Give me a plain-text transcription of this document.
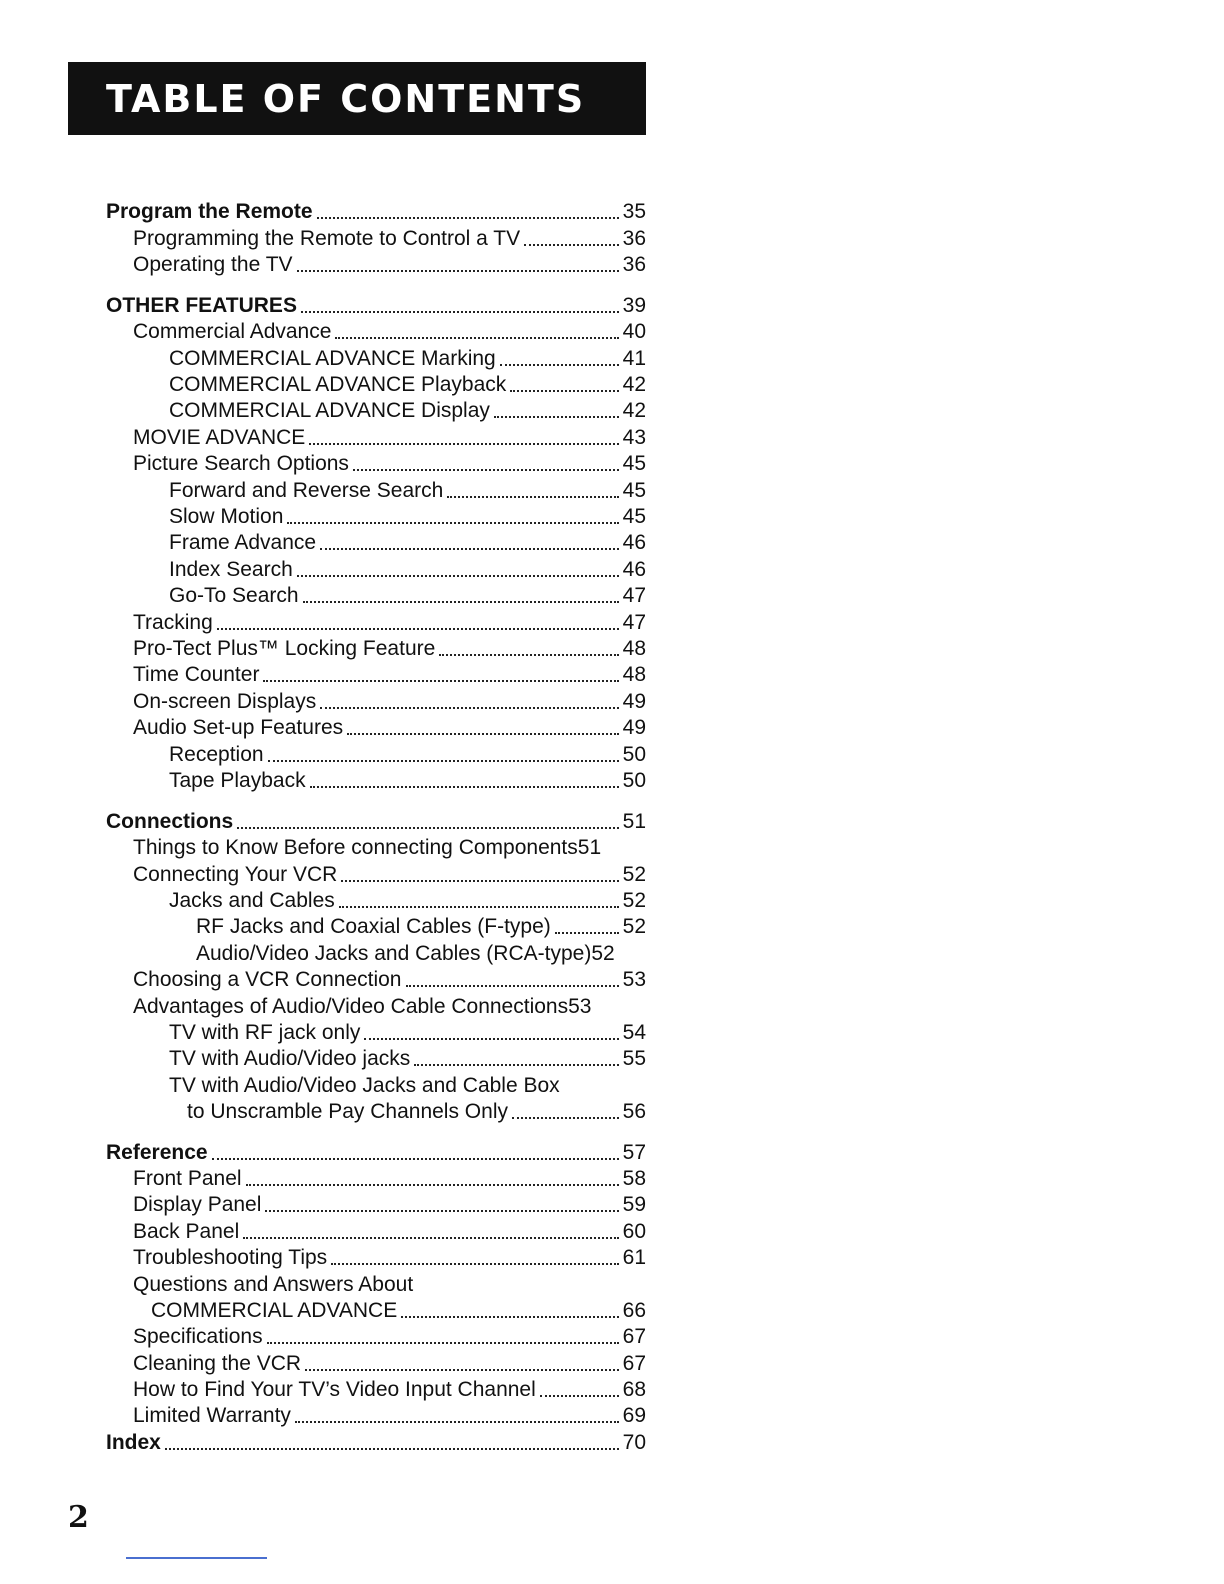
TABLE OF CONTENTS
Program the Remote	35
Programming the Remote to Control a TV	36
Operating the TV	36
OTHER FEATURES	39
Commercial Advance	40
COMMERCIAL ADVANCE Marking	41
COMMERCIAL ADVANCE Playback	42
COMMERCIAL ADVANCE Display	42
MOVIE ADVANCE	43
Picture Search Options	45
Forward and Reverse Search	45
Slow Motion	45
Frame Advance	46
Index Search	46
Go-To Search	47
Tracking	47
Pro-Tect Plus™ Locking Feature	48
Time Counter	48
On-screen Displays	49
Audio Set-up Features	49
Reception	50
Tape Playback	50
Connections	51
Things to Know Before connecting Components 51
Connecting Your VCR	52
Jacks and Cables	52
RF Jacks and Coaxial Cables (F-type)	52
Audio/Video Jacks and Cables (RCA-type) 52
Choosing a VCR Connection	53
Advantages of Audio/Video Cable Connections 53
TV with RF jack only	54
TV with Audio/Video jacks	55
TV with Audio/Video Jacks and Cable Box
to Unscramble Pay Channels Only	56
Reference	57
Front Panel	58
Display Panel	59
Back Panel	60
Troubleshooting Tips	61
Questions and Answers About
COMMERCIAL ADVANCE	66
Specifications	67
Cleaning the VCR	67
How to Find Your TV’s Video Input Channel	68
Limited Warranty	69
Index	70
2
